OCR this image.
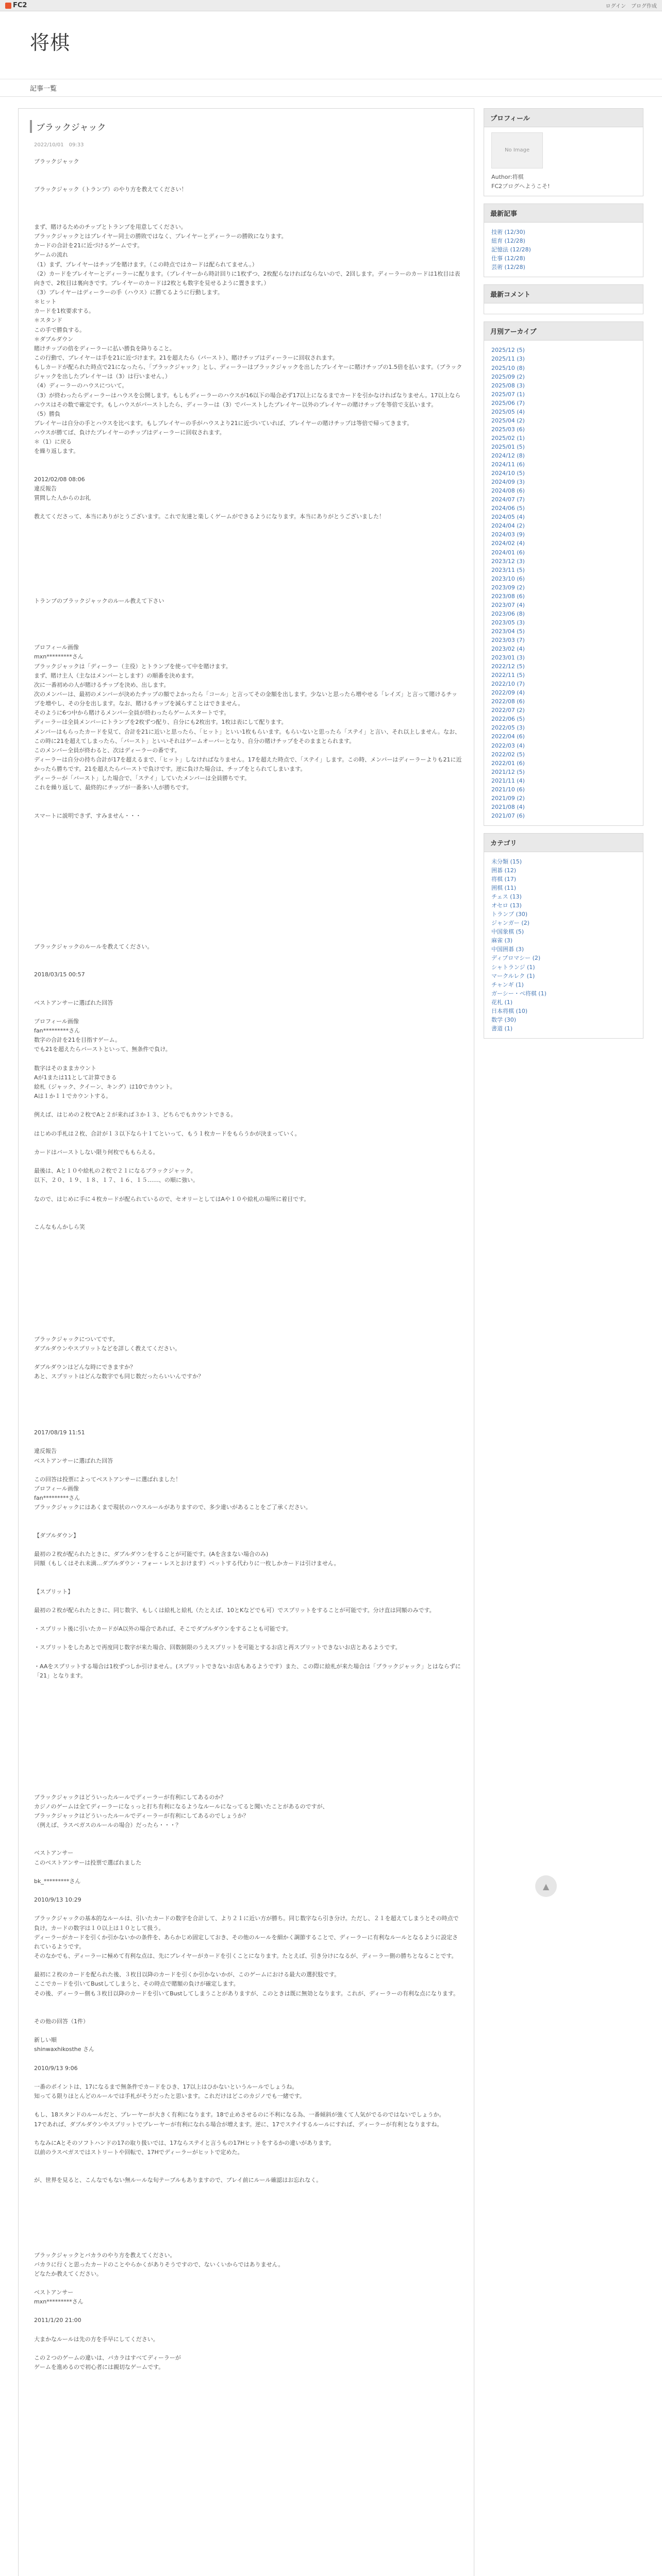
FC2	ログイン ブログ作成
将棋
記事一覧
ブラックジャック
2022/10/01　09:33

ブラックジャック

ブラックジャック（トランプ）のやり方を教えてください！

まず、賭けるためのチップとトランプを用意してください。
ブラックジャックとはプレイヤー同士の勝敗ではなく、プレイヤーとディーラーの勝敗になります。
カードの合計を21に近づけるゲームです。
ゲームの流れ
（1）まず、プレイヤーはチップを賭けます。（この時点ではカードは配られてません。）
（2）カードをプレイヤーとディーラーに配ります。（プレイヤーから時計回りに1枚ずつ、2枚配らなければならないので、2回します。ディーラーのカードは1枚目は表向きで、2枚目は裏向きです。プレイヤーのカードは2枚とも数字を見せるように置きます。）
（3）プレイヤーはディーラーの手（ハウス）に勝てるように行動します。
＊ヒット
カードを1枚要求する。
＊スタンド
この手で勝負する。
＊ダブルダウン
賭けチップの倍をディーラーに払い勝負を降りること。
この行動で、プレイヤーは手を21に近づけます。21を超えたら（バースト）、賭けチップはディーラーに回収されます。
もしカードが配られた時点で21になったら、「ブラックジャック」とし、ディーラーはブラックジャックを出したプレイヤーに賭けチップの1.5倍を払います。（ブラックジャックを出したプレイヤーは（3）は行いません。）
（4）ディーラーのハウスについて。
（3）が終わったらディーラーはハウスを公開します。もしもディーラーのハウスが16以下の場合必ず17以上になるまでカードを引かなければなりません。17以上ならハウスはその数で確定です。もしハウスがバーストしたら、ディーラーは（3）でバーストしたプレイヤー以外のプレイヤーの賭けチップを等倍で支払います。
（5）勝負
プレイヤーは自分の手とハウスを比べます。もしプレイヤーの手がハウスより21に近づいていれば、プレイヤーの賭けチップは等倍で帰ってきます。
ハウスが勝てば、負けたプレイヤーのチップはディーラーに回収されます。
＊（1）に戻る
を繰り返します。

2012/02/08 08:06
違反報告
質問した人からのお礼

教えてくださって、本当にありがとうございます。これで友達と楽しくゲームができるようになります。本当にありがとうございました！

トランプのブラックジャックのルール教えて下さい

プロフィール画像
mxn*********さん
ブラックジャックは「ディーラー（主役）とトランプを使って中を賭けます。
まず、賭け主人（主なはメンバーとします）の順番を決めます。
次に一番初めの人が賭けるチップを決め、出します。
次のメンバーは、最初のメンバーが決めたチップの額でよかったら「コール」と言ってその金額を出します。少ないと思ったら増やせる「レイズ」と言って賭けるチップを増やし、その分を出します。なお、賭けるチップを減らすことはできません。
そのように6つ中から賭けるメンバー全員が終わったらゲームスタートです。
ディーラーは全員メンバーにトランプを2枚ずつ配り、自分にも2枚出す。1枚は表にして配ります。
メンバーはもらったカードを見て、合計を21に近いと思ったら、「ヒット」といい1枚もらいます。もらいないと思ったら「ステイ」と言い、それ以上しません。なお、この時に21を超えてしまったら、「バースト」といいそれはゲームオーバーとなり、自分の賭けチップをそのままとられます。
このメンバー全員が終わると、次はディーラーの番です。
ディーラーは自分の持ち合計が17を超えるまで、「ヒット」しなければなりません。17を超えた時点で、「ステイ」します。この時、メンバーはディーラーよりも21に近かったら勝ちです。21を超えたらバーストで負けです。逆に負けた場合は、チップをとられてしまいます。
ディーラーが「バースト」した場合で、「ステイ」していたメンバーは全員勝ちです。
これを繰り返して、最終的にチップが一番多い人が勝ちです。

スマートに説明できず、すみません・・・

ブラックジャックのルールを教えてください。

2018/03/15 00:57

ベストアンサーに選ばれた回答

プロフィール画像
fan*********さん
数字の合計を21を目指すゲーム。
でも21を超えたらバーストといって、無条件で負け。

数字はそのままカウント
Aが1または11として計算できる
絵札（ジャック、クイーン、キング）は10でカウント。
Aは１か１１でカウントする。

例えば、はじめの２枚でAと２が来れば３か１３、どちらでもカウントできる。

はじめの手札は２枚、合計が１３以下なら十１てといって、もう１枚カードをもらうかが決まっていく。

カードはバーストしない限り何枚でももらえる。

最後は、Aと１０や絵札の２枚で２１になるブラックジャック。
以下、２０、１９、１８、１７、１６、１５……、の順に強い。

なので、はじめに手に４枚カードが配られているので、セオリーとしてはAや１０や絵札の場所に着目です。

こんなもんかしら笑

ブラックジャックについてです。
ダブルダウンやスプリットなどを詳しく教えてください。

ダブルダウンはどんな時にできますか？
あと、スプリットはどんな数字でも同じ数だったらいいんですか？

2017/08/19 11:51

違反報告
ベストアンサーに選ばれた回答

この回答は投票によってベストアンサーに選ばれました！
プロフィール画像
fan*********さん
ブラックジャックにはあくまで現状のハウスルールがありますので、多少違いがあることをご了承ください。

【ダブルダウン】

最初の２枚が配られたときに、ダブルダウンをすることが可能です。(Aを含まない場合のみ)
同額（もしくはそれ未満…ダブルダウン・フォー・レスとおけます）ベットする代わりに一枚しかカードは引けません。

【スプリット】

最初の２枚が配られたときに、同じ数字、もしくは絵札と絵札（たとえば、10とKなどでも可）でスプリットをすることが可能です。分け直は同額のみです。

・スプリット後に引いたカードがA以外の場合であれば、そこでダブルダウンをすることも可能です。

・スプリットをしたあとで再度同じ数字が来た場合、回数制限のうえスプリットを可能とするお店と再スプリットできないお店とあるようです。

・AAをスプリットする場合は1枚ずつしか引けません。(スプリットできないお店もあるようです）また、この際に絵札が来た場合は「ブラックジャック」とはならずに「21」となります。

ブラックジャックはどういったルールでディーラーが有利にしてあるのか？
カジノのゲームは全てディーラーになぅっと打ち有利になるようなルールになってると聞いたことがあるのですが、
ブラックジャックはどういったルールでディーラーが有利にしてあるのでしょうか？
（例えば、ラスベガスのルールの場合）だったら・・・？

ベストアンサー
このベストアンサーは投票で選ばれました

bk_*********さん

2010/9/13 10:29

ブラックジャックの基本的なルールは、引いたカードの数字を合計して、より２１に近い方が勝ち。同じ数字なら引き分け。ただし、２１を超えてしまうとその時点で負け。カードの数字は１０以上は１０として扱う。
ディーラーがカードを引くか引かないかの条件を、あらかじめ固定しておき、その他のルールを細かく調節することで、ディーラーに有利なルールとなるように設定されているようです。
そのなかでも、ディーラーに極めて有利な点は、先にプレイヤーがカードを引くことになります。たとえば、引き分けになるが、ディーラー側の勝ちとなることです。

最初に２枚のカードを配られた後、３枚目以降のカードを引くか引かないかが、このゲームにおける最大の選択肢です。
ここでカードを引いてBustしてしまうと、その時点で賭額の負けが確定します。
その後、ディーラー側も３枚目以降のカードを引いてBustしてしまうことがありますが、このときは既に無効となります。これが、ディーラーの有利な点になります。

その他の回答（1件）

新しい順
shinwaxhikosthe さん

2010/9/13 9:06

一番のポイントは、17になるまで無条件でカードをひき、17以上はひかないというルールでしょうね。
知ってる限りほとんどのルールでは手札がそうだったと思います。これだけはどこのカジノでも一緒です。

もし、18スタンドのルールだと、プレーヤーが大きく有利になります。18で止めさせるのに不利になる為、一番傾斜が強くて人気がでるのではないでしょうか。
17であれば、ダブルダウンやスプリットでプレーヤーが有利になれる場合が増えます。逆に、17でステイするルールにすれば、ディーラーが有利となりますね。

ちなみにAとそのソフトハンドの17の取り扱いでは、17ならステイと言うもの17Hヒットをするかの違いがあります。
以前のラスベガスではストリートや回転で、17Hでディーラーがヒットで定めた。

が、世界を見ると、こんなでもない無ルールな旬テーブルもありますので、プレイ前にルール確認はお忘れなく。

ブラックジャックとバカラのやり方を教えてください。
バカラに行くと思ったカードのことやらかくがありそうですので、ないくいからではありません。
どなたか教えてください。

ベストアンサー
mxn*********さん

2011/1/20 21:00

大まかなルールは先の方を手早にしてください。

この２つのゲームの違いは、バカラはすべてディーラーが
ゲームを進めるので初心者には親切なゲームです。

プロフィール
No Image
Author:将棋
FC2ブログへようこそ!
最新記事
技術 (12/30)
紐育 (12/28)
記憶法 (12/28)
仕事 (12/28)
芸術 (12/28)
最新コメント
月別アーカイブ
2025/12 (5)
2025/11 (3)
2025/10 (8)
2025/09 (2)
2025/08 (3)
2025/07 (1)
2025/06 (7)
2025/05 (4)
2025/04 (2)
2025/03 (6)
2025/02 (1)
2025/01 (5)
2024/12 (8)
2024/11 (6)
2024/10 (5)
2024/09 (3)
2024/08 (6)
2024/07 (7)
2024/06 (5)
2024/05 (4)
2024/04 (2)
2024/03 (9)
2024/02 (4)
2024/01 (6)
2023/12 (3)
2023/11 (5)
2023/10 (6)
2023/09 (2)
2023/08 (6)
2023/07 (4)
2023/06 (8)
2023/05 (3)
2023/04 (5)
2023/03 (7)
2023/02 (4)
2023/01 (3)
2022/12 (5)
2022/11 (5)
2022/10 (7)
2022/09 (4)
2022/08 (6)
2022/07 (2)
2022/06 (5)
2022/05 (3)
2022/04 (6)
2022/03 (4)
2022/02 (5)
2022/01 (6)
2021/12 (5)
2021/11 (4)
2021/10 (6)
2021/09 (2)
2021/08 (4)
2021/07 (6)
カテゴリ
未分類 (15)
囲碁 (12)
将棋 (17)
囲棋 (11)
チェス (13)
オセロ (13)
トランプ (30)
ジャンガー (2)
中国象棋 (5)
麻雀 (3)
中国囲碁 (3)
ディプロマシー (2)
シャトランジ (1)
マークルレク (1)
チャンギ (1)
ガーシー・ベ将棋 (1)
花札 (1)
日本将棋 (10)
数学 (30)
書道 (1)
▲
